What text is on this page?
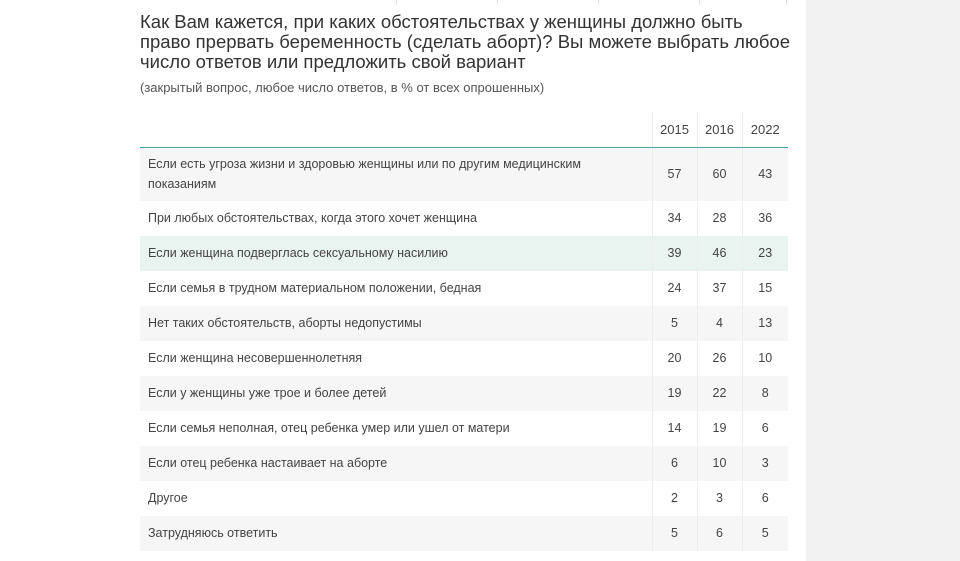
Как Вам кажется, при каких обстоятельствах у женщины должно быть право прервать беременность (сделать аборт)? Вы можете выбрать любое число ответов или предложить свой вариант

(закрытый вопрос, любое число ответов, в % от всех опрошенных)

	2015	2016	2022
Если есть угроза жизни и здоровью женщины или по другим медицинским показаниям	57	60	43
При любых обстоятельствах, когда этого хочет женщина	34	28	36
Если женщина подверглась сексуальному насилию	39	46	23
Если семья в трудном материальном положении, бедная	24	37	15
Нет таких обстоятельств, аборты недопустимы	5	4	13
Если женщина несовершеннолетняя	20	26	10
Если у женщины уже трое и более детей	19	22	8
Если семья неполная, отец ребенка умер или ушел от матери	14	19	6
Если отец ребенка настаивает на аборте	6	10	3
Другое	2	3	6
Затрудняюсь ответить	5	6	5
